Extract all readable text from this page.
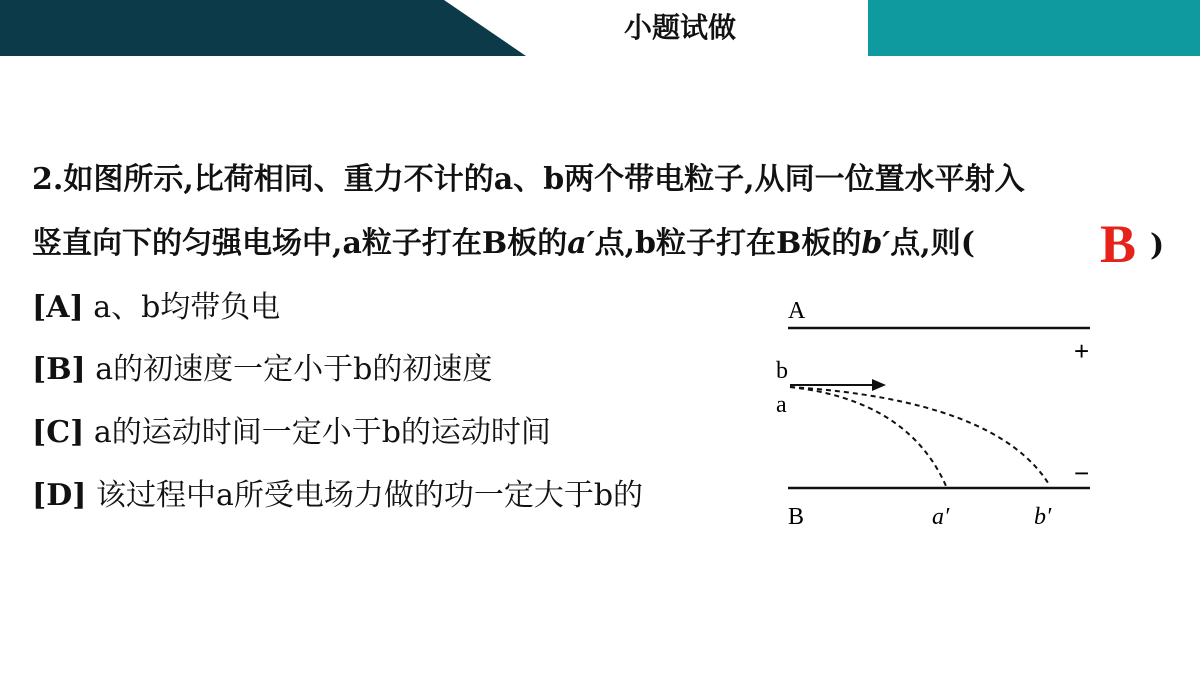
小题试做
2.如图所示,比荷相同、重力不计的a、b两个带电粒子,从同一位置水平射入
竖直向下的匀强电场中,a粒子打在B板的a′点,b粒子打在B板的b′点,则( B )
[A] a、b均带负电
[B] a的初速度一定小于b的初速度
[C] a的运动时间一定小于b的运动时间
[D] 该过程中a所受电场力做的功一定大于b的
A
+
b
a
−
B	a′	b′
